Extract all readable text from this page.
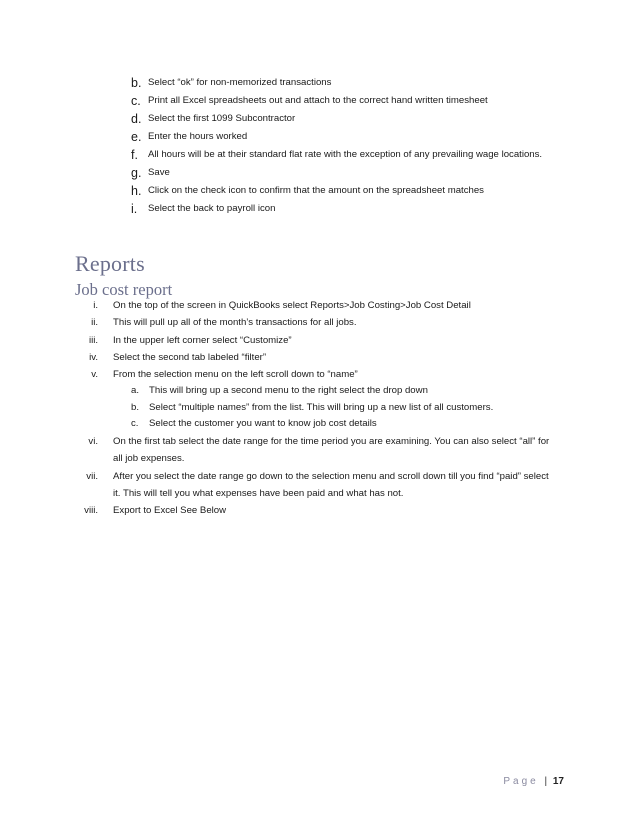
b. Select “ok” for non-memorized transactions
c. Print all Excel spreadsheets out and attach to the correct hand written timesheet
d. Select the first 1099 Subcontractor
e. Enter the hours worked
f.	All hours will be at their standard flat rate with the exception of any prevailing wage locations.
g. Save
h. Click on the check icon to confirm that the amount on the spreadsheet matches
i.	Select the back to payroll icon
Reports
Job cost report
i. On the top of the screen in QuickBooks select Reports>Job Costing>Job Cost Detail
ii. This will pull up all of the month’s transactions for all jobs.
iii. In the upper left corner select “Customize”
iv. Select the second tab labeled “filter”
v. From the selection menu on the left scroll down to “name”
a. This will bring up a second menu to the right select the drop down
b. Select “multiple names” from the list. This will bring up a new list of all customers.
c. Select the customer you want to know job cost details
vi. On the first tab select the date range for the time period you are examining. You can also select “all” for all job expenses.
vii. After you select the date range go down to the selection menu and scroll down till you find “paid” select it. This will tell you what expenses have been paid and what has not.
viii. Export to Excel See Below
Page | 17
